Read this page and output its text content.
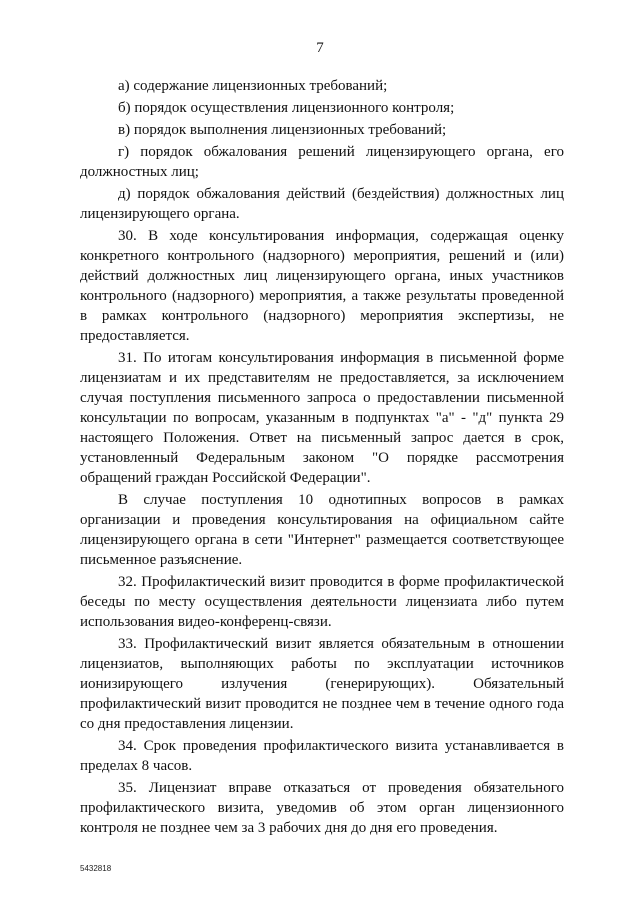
7

а) содержание лицензионных требований;

б) порядок осуществления лицензионного контроля;

в) порядок выполнения лицензионных требований;

г) порядок обжалования решений лицензирующего органа, его должностных лиц;

д) порядок обжалования действий (бездействия) должностных лиц лицензирующего органа.

30. В ходе консультирования информация, содержащая оценку конкретного контрольного (надзорного) мероприятия, решений и (или) действий должностных лиц лицензирующего органа, иных участников контрольного (надзорного) мероприятия, а также результаты проведенной в рамках контрольного (надзорного) мероприятия экспертизы, не предоставляется.

31. По итогам консультирования информация в письменной форме лицензиатам и их представителям не предоставляется, за исключением случая поступления письменного запроса о предоставлении письменной консультации по вопросам, указанным в подпунктах "а" - "д" пункта 29 настоящего Положения. Ответ на письменный запрос дается в срок, установленный Федеральным законом "О порядке рассмотрения обращений граждан Российской Федерации".

В случае поступления 10 однотипных вопросов в рамках организации и проведения консультирования на официальном сайте лицензирующего органа в сети "Интернет" размещается соответствующее письменное разъяснение.

32. Профилактический визит проводится в форме профилактической беседы по месту осуществления деятельности лицензиата либо путем использования видео-конференц-связи.

33. Профилактический визит является обязательным в отношении лицензиатов, выполняющих работы по эксплуатации источников ионизирующего излучения (генерирующих). Обязательный профилактический визит проводится не позднее чем в течение одного года со дня предоставления лицензии.

34. Срок проведения профилактического визита устанавливается в пределах 8 часов.

35. Лицензиат вправе отказаться от проведения обязательного профилактического визита, уведомив об этом орган лицензионного контроля не позднее чем за 3 рабочих дня до дня его проведения.

5432818
